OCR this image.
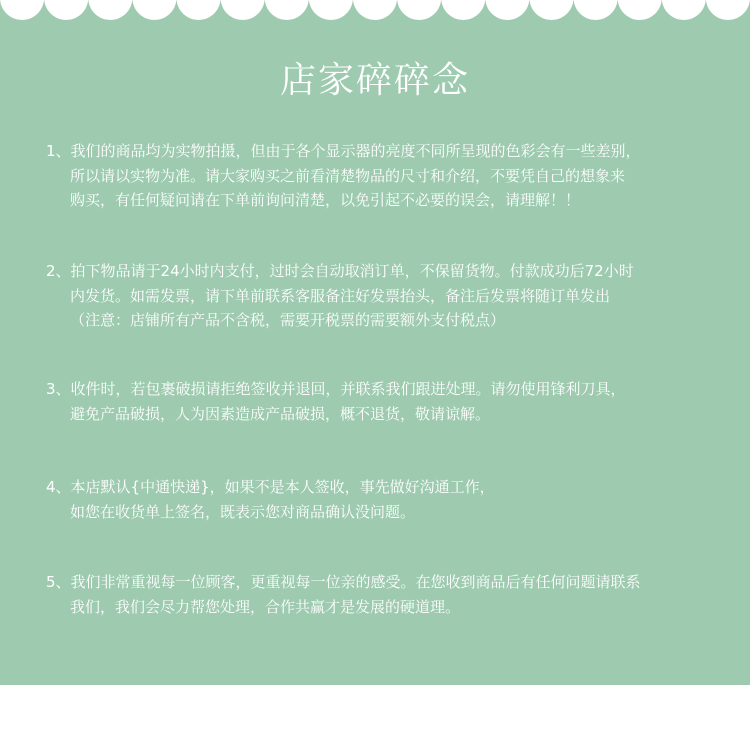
店家碎碎念
1、我们的商品均为实物拍摄，但由于各个显示器的亮度不同所呈现的色彩会有一些差别，
所以请以实物为准。请大家购买之前看清楚物品的尺寸和介绍，不要凭自己的想象来
购买，有任何疑问请在下单前询问清楚，以免引起不必要的误会，请理解！！
2、拍下物品请于24小时内支付，过时会自动取消订单，不保留货物。付款成功后72小时
内发货。如需发票，请下单前联系客服备注好发票抬头，备注后发票将随订单发出
（注意：店铺所有产品不含税，需要开税票的需要额外支付税点）
3、收件时，若包裹破损请拒绝签收并退回，并联系我们跟进处理。请勿使用锋利刀具，
避免产品破损，人为因素造成产品破损，概不退货，敬请谅解。
4、本店默认{中通快递}，如果不是本人签收，事先做好沟通工作，
如您在收货单上签名，既表示您对商品确认没问题。
5、我们非常重视每一位顾客，更重视每一位亲的感受。在您收到商品后有任何问题请联系
我们，我们会尽力帮您处理，合作共赢才是发展的硬道理。
